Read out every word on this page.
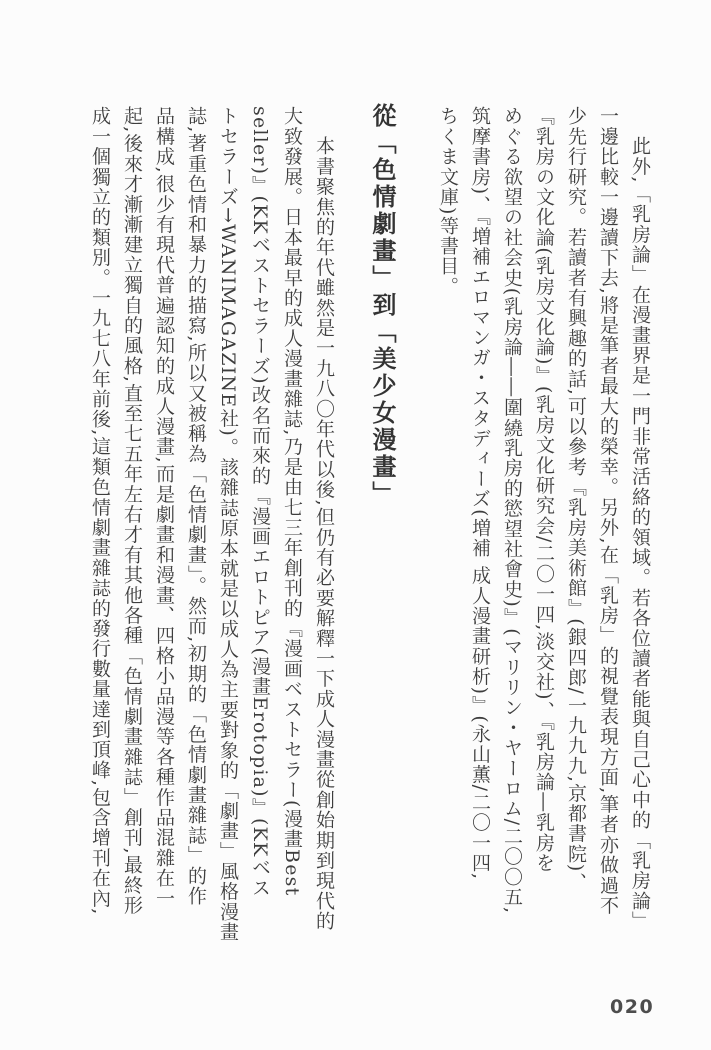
此外,「乳房論」在漫畫界是一門非常活絡的領域。若各位讀者能與自己心中的「乳房論」
一邊比較一邊讀下去,將是筆者最大的榮幸。另外,在「乳房」的視覺表現方面,筆者亦做過不
少先行研究。若讀者有興趣的話,可以參考『乳房美術館』(銀四郎/一九九九,京都書院)、
『乳房の文化論(乳房文化論)』(乳房文化研究会/二〇一四,淡交社)、『乳房論―乳房を
めぐる欲望の社会史(乳房論――圍繞乳房的慾望社會史)』(マリリン・ヤーロム/二〇〇五,
筑摩書房)、『増補エロマンガ・スタディーズ(増補 成人漫畫研析)』(永山薫/二〇一四,
ちくま文庫)等書目。
從「色情劇畫」到「美少女漫畫」
本書聚焦的年代雖然是一九八〇年代以後,但仍有必要解釋一下成人漫畫從創始期到現代的
大致發展。日本最早的成人漫畫雜誌,乃是由七三年創刊的『漫画ベストセラー(漫畫Best
seller)』(KKベストセラーズ)改名而來的『漫画エロトピア(漫畫Erotopia)』(KKベス
トセラーズ→WANIMAGAZINE社)。該雜誌原本就是以成人為主要對象的「劇畫」風格漫畫
誌,著重色情和暴力的描寫,所以又被稱為「色情劇畫」。然而,初期的「色情劇畫雜誌」的作
品構成,很少有現代普遍認知的成人漫畫,而是劇畫和漫畫、四格小品漫等各種作品混雜在一
起,後來才漸漸建立獨自的風格,直至七五年左右才有其他各種「色情劇畫雜誌」創刊,最終形
成一個獨立的類別。一九七八年前後,這類色情劇畫雜誌的發行數量達到頂峰,包含增刊在內,
020
